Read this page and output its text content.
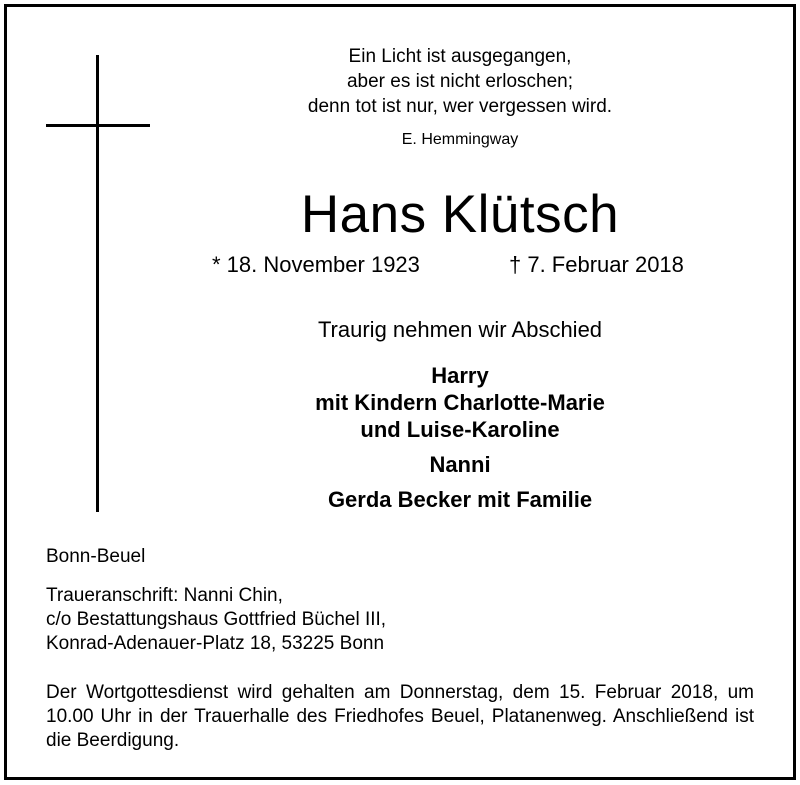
Ein Licht ist ausgegangen,
aber es ist nicht erloschen;
denn tot ist nur, wer vergessen wird.
E. Hemmingway
Hans Klütsch
* 18. November 1923	† 7. Februar 2018
Traurig nehmen wir Abschied
Harry
mit Kindern Charlotte-Marie
und Luise-Karoline
Nanni
Gerda Becker mit Familie
Bonn-Beuel
Traueranschrift: Nanni Chin,
c/o Bestattungshaus Gottfried Büchel III,
Konrad-Adenauer-Platz 18, 53225 Bonn
Der Wortgottesdienst wird gehalten am Donnerstag, dem 15. Februar 2018, um 10.00 Uhr in der Trauerhalle des Friedhofes Beuel, Platanenweg. Anschließend ist die Beerdigung.
